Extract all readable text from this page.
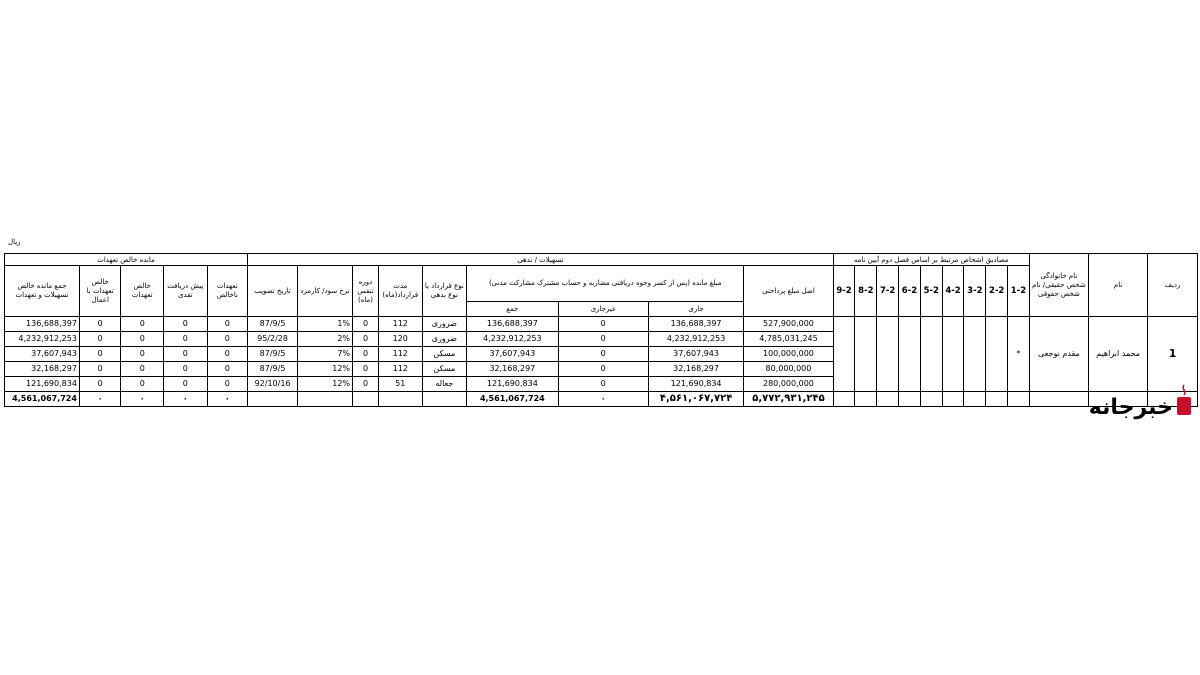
ریال
ردیف	نام	نام خانوادگی شخص حقیقی/ نام شخص حقوقی	مصادیق اشخاص مرتبط بر اساس فصل دوم آیین نامه									تسهیلات / بدهی									مانده خالص تعهدات				
			1-2	2-2	3-2	4-2	5-2	6-2	7-2	8-2	9-2	اصل مبلغ پرداختی	مبلغ مانده (پس از کسر وجوه دریافتی مضاربه و حساب مشترک مشارکت مدنی)			نوع قرارداد یا نوع بدهی	مدت قرارداد(ماه)	دوره تنفس (ماه)	نرخ سود/ کارمزد	تاریخ تصویب	تعهدات ناخالص	پیش دریافت نقدی	خالص تعهدات	خالص تعهدات با اعمال	جمع مانده خالص تسهیلات و تعهدات
													جاری	غیرجاری	جمع										
1	محمد ابراهیم	مقدم نوجعی	*									527,900,000	136,688,397	0	136,688,397	ضروری	112	0	1%	87/9/5	0	0	0	0	136,688,397
												4,785,031,245	4,232,912,253	0	4,232,912,253	ضروری	120	0	2%	95/2/28	0	0	0	0	4,232,912,253
												100,000,000	37,607,943	0	37,607,943	مسکن	112	0	7%	87/9/5	0	0	0	0	37,607,943
												80,000,000	32,168,297	0	32,168,297	مسکن	112	0	12%	87/9/5	0	0	0	0	32,168,297
												280,000,000	121,690,834	0	121,690,834	جعاله	51	0	12%	92/10/16	0	0	0	0	121,690,834
												۵,۷۷۲,۹۳۱,۲۴۵	۴,۵۶۱,۰۶۷,۷۲۴	۰	4,561,067,724						۰	۰	۰	۰	4,561,067,724	خبرجانه
